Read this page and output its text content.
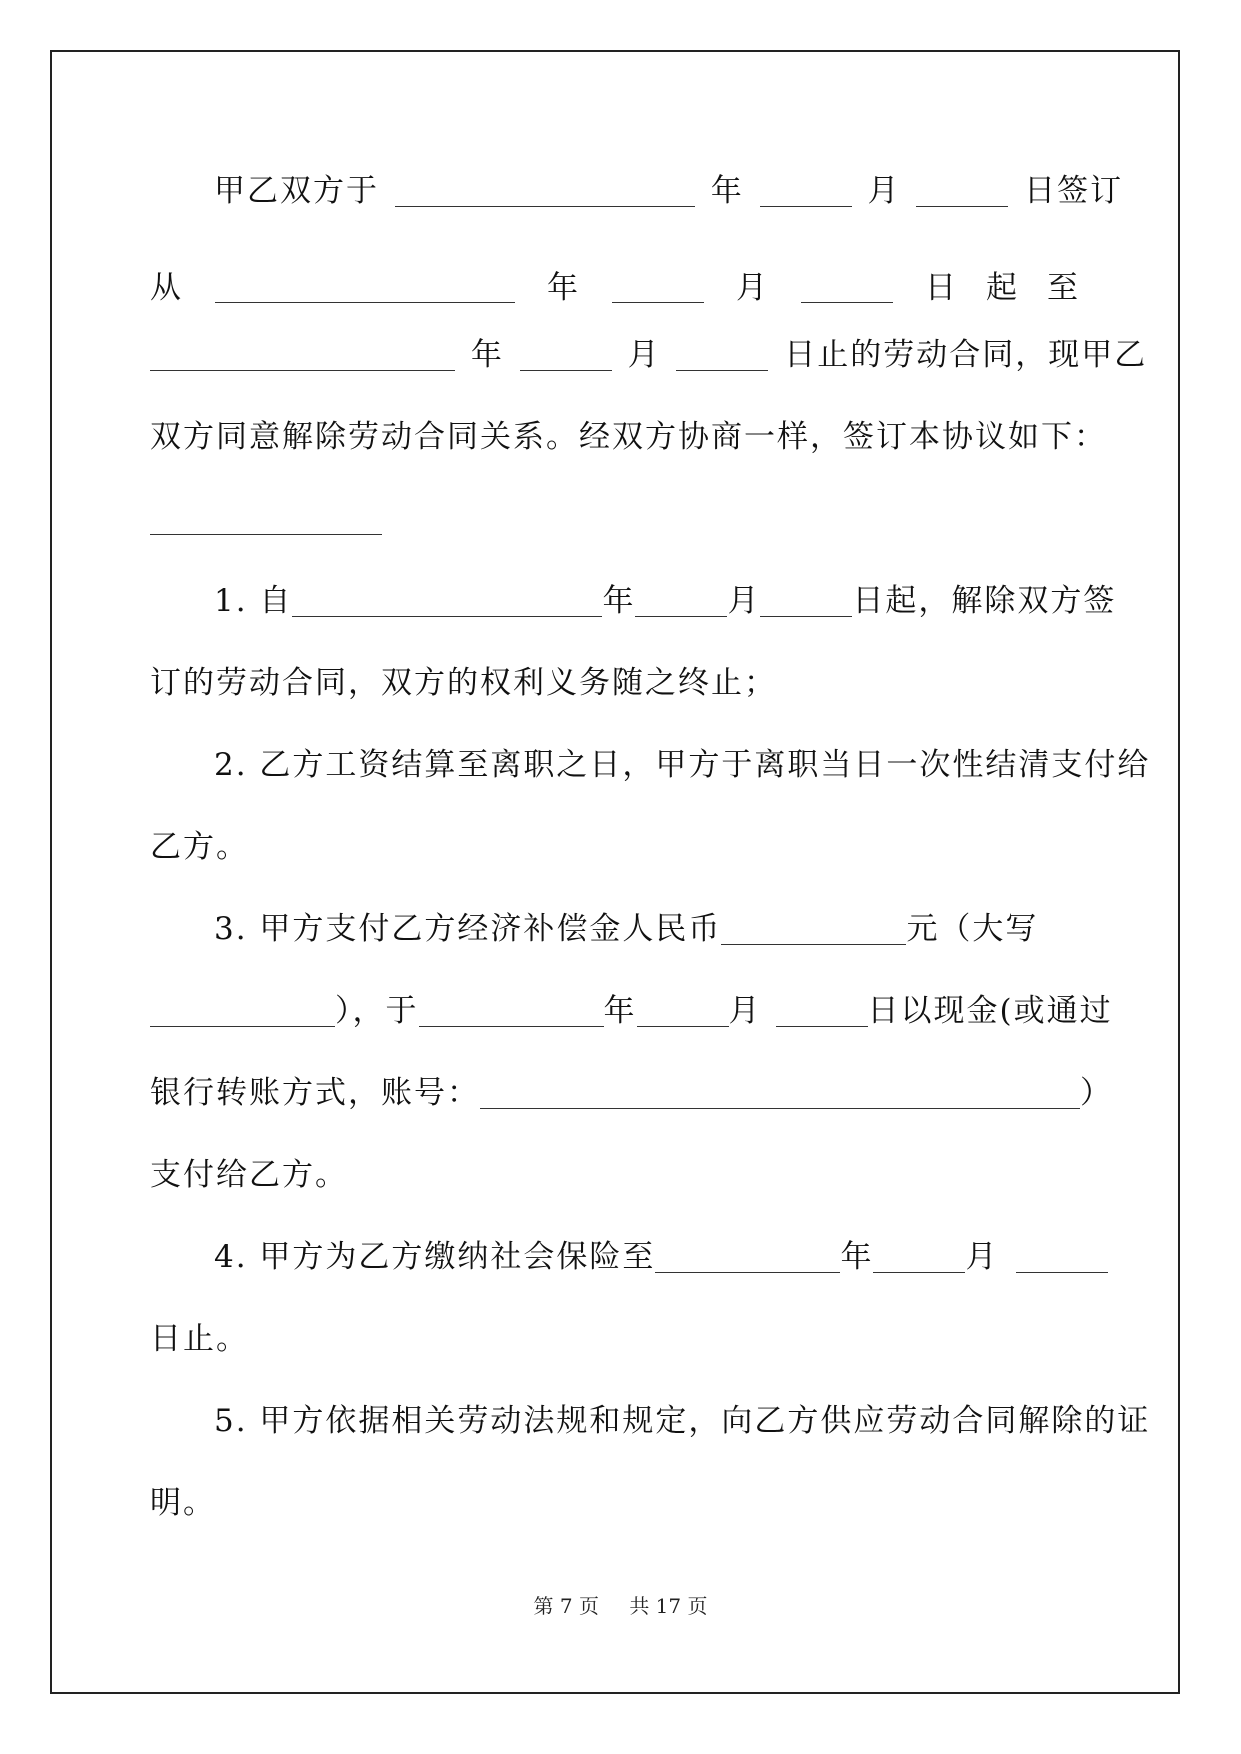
甲乙双方于	年	月	日签订
从	年	月	日 起 至
年	月	日止的劳动合同，现甲乙
双方同意解除劳动合同关系。经双方协商一样，签订本协议如下：
1. 自	年	月	日起，解除双方签
订的劳动合同，双方的权利义务随之终止；
2. 乙方工资结算至离职之日，甲方于离职当日一次性结清支付给
乙方。
3. 甲方支付乙方经济补偿金人民币	元（大写
），于	年	月	日以现金(或通过
银行转账方式，账号：	）
支付给乙方。
4. 甲方为乙方缴纳社会保险至	年	月
日止。
5. 甲方依据相关劳动法规和规定，向乙方供应劳动合同解除的证
明。
第 7 页 共 17 页
